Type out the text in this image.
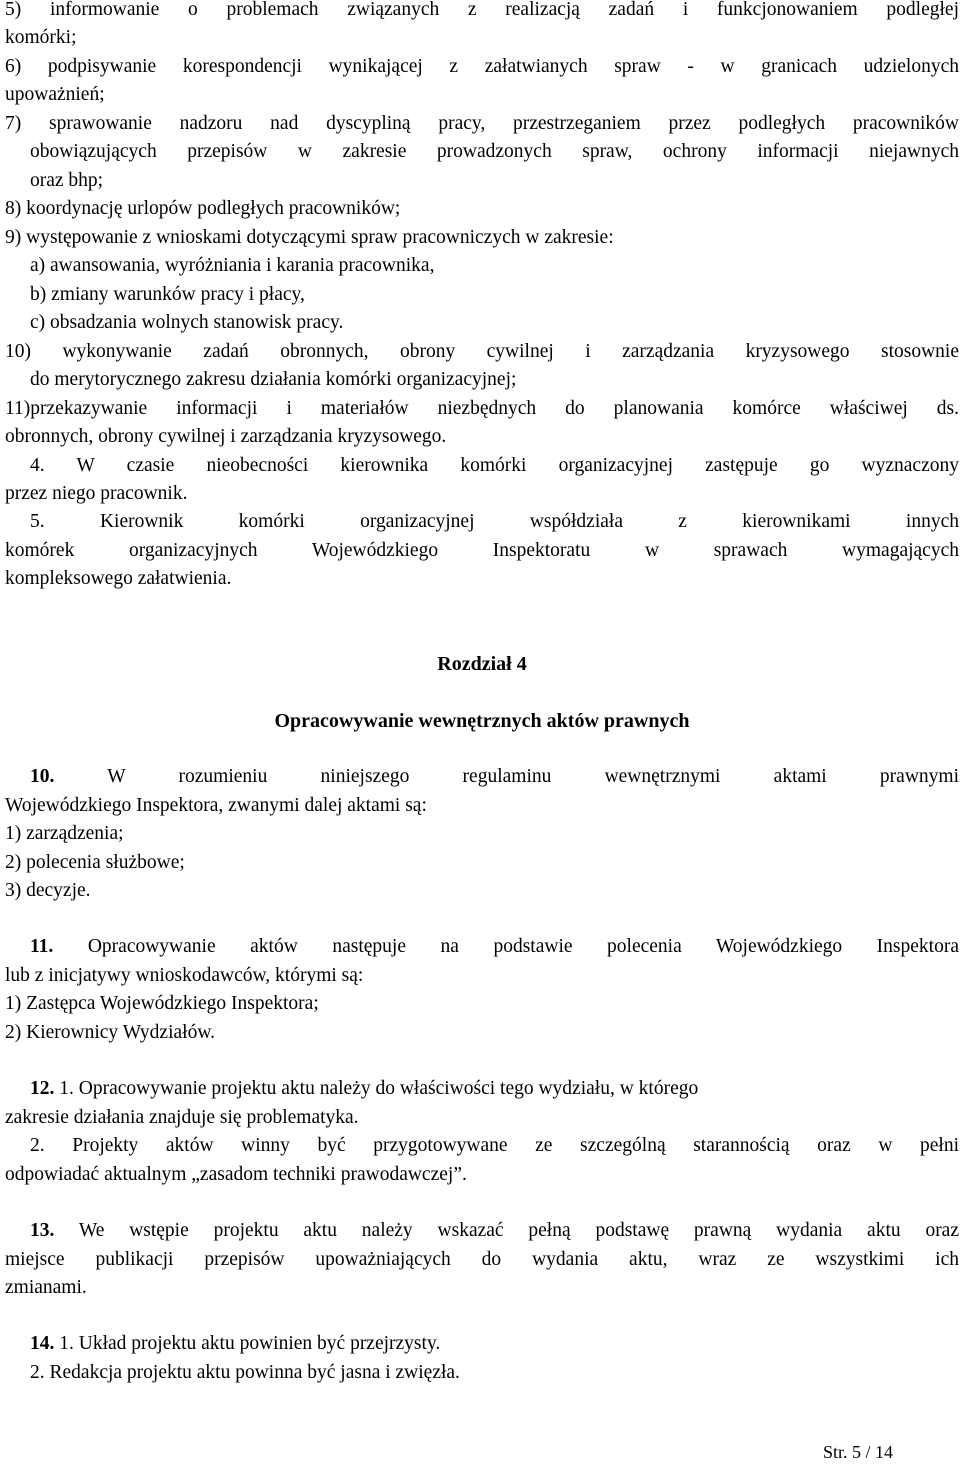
5) informowanie o problemach związanych z realizacją zadań i funkcjonowaniem podległej
komórki;
6) podpisywanie korespondencji wynikającej z załatwianych spraw - w granicach udzielonych
upoważnień;
7) sprawowanie nadzoru nad dyscypliną pracy, przestrzeganiem przez podległych pracowników
obowiązujących przepisów w zakresie prowadzonych spraw, ochrony informacji niejawnych
oraz bhp;
8) koordynację urlopów podległych pracowników;
9) występowanie z wnioskami dotyczącymi spraw pracowniczych w zakresie:
a) awansowania, wyróżniania i karania pracownika,
b) zmiany warunków pracy i płacy,
c) obsadzania wolnych stanowisk pracy.
10) wykonywanie zadań obronnych, obrony cywilnej i zarządzania kryzysowego stosownie
do merytorycznego zakresu działania komórki organizacyjnej;
11)przekazywanie informacji i materiałów niezbędnych do planowania komórce właściwej ds.
obronnych, obrony cywilnej i zarządzania kryzysowego.
4. W czasie nieobecności kierownika komórki organizacyjnej zastępuje go wyznaczony
przez niego pracownik.
5. Kierownik komórki organizacyjnej współdziała z kierownikami innych
komórek organizacyjnych Wojewódzkiego Inspektoratu w sprawach wymagających
kompleksowego załatwienia.
Rozdział 4
Opracowywanie wewnętrznych aktów prawnych
10.	W rozumieniu niniejszego regulaminu wewnętrznymi aktami prawnymi
Wojewódzkiego Inspektora, zwanymi dalej aktami są:
1) zarządzenia;
2) polecenia służbowe;
3) decyzje.
11. Opracowywanie aktów następuje na podstawie polecenia Wojewódzkiego Inspektora
lub z inicjatywy wnioskodawców, którymi są:
1) Zastępca Wojewódzkiego Inspektora;
2) Kierownicy Wydziałów.
12. 1. Opracowywanie projektu aktu należy do właściwości tego wydziału, w którego
zakresie działania znajduje się problematyka.
2. Projekty aktów winny być przygotowywane ze szczególną starannością oraz w pełni
odpowiadać aktualnym „zasadom techniki prawodawczej”.
13. We wstępie projektu aktu należy wskazać pełną podstawę prawną wydania aktu oraz
miejsce publikacji przepisów upoważniających do wydania aktu, wraz ze wszystkimi ich
zmianami.
14. 1. Układ projektu aktu powinien być przejrzysty.
2. Redakcja projektu aktu powinna być jasna i zwięzła.
Str. 5 / 14
